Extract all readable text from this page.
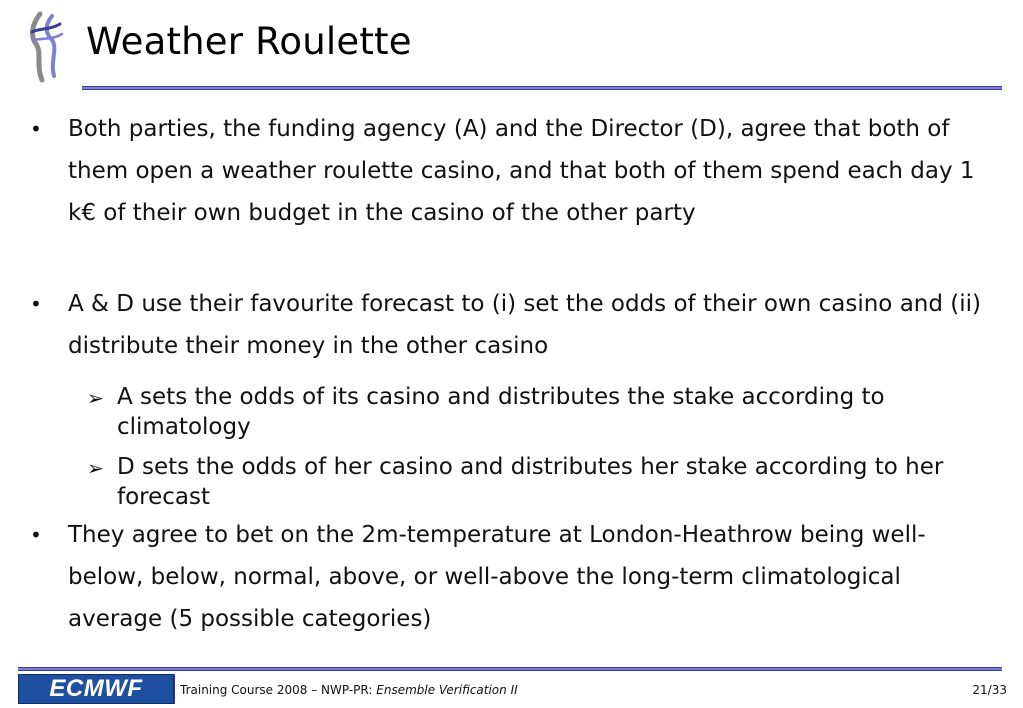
Weather Roulette
• Both parties, the funding agency (A) and the Director (D), agree that both of them open a weather roulette casino, and that both of them spend each day 1 k€ of their own budget in the casino of the other party
• A & D use their favourite forecast to (i) set the odds of their own casino and (ii) distribute their money in the other casino
➢ A sets the odds of its casino and distributes the stake according to climatology
➢ D sets the odds of her casino and distributes her stake according to her forecast
• They agree to bet on the 2m-temperature at London-Heathrow being well-below, below, normal, above, or well-above the long-term climatological average (5 possible categories)
ECMWF	Training Course 2008 – NWP-PR: Ensemble Verification II	21/33
